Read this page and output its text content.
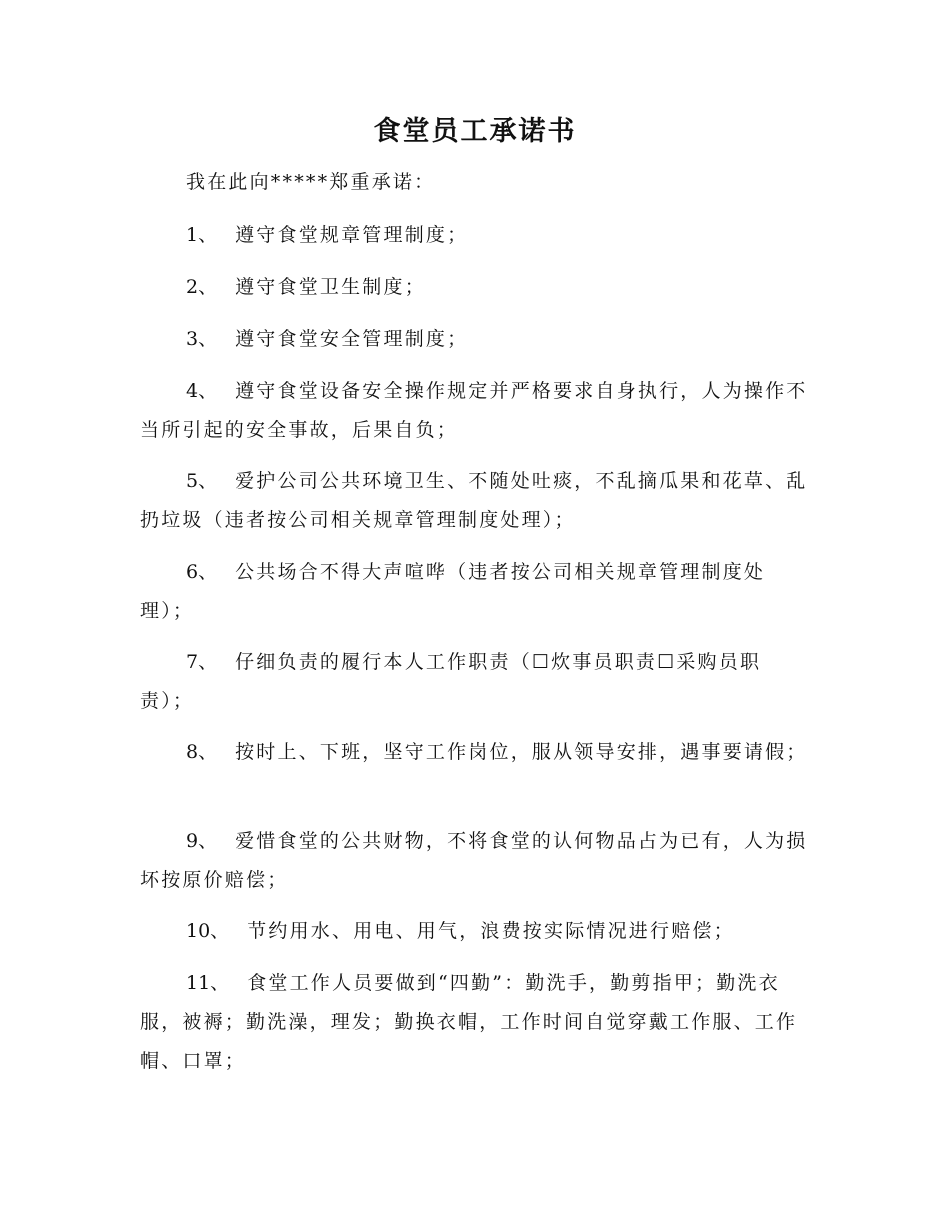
食堂员工承诺书

我在此向*****郑重承诺：

1、 遵守食堂规章管理制度；

2、 遵守食堂卫生制度；

3、 遵守食堂安全管理制度；

4、 遵守食堂设备安全操作规定并严格要求自身执行，人为操作不当所引起的安全事故，后果自负；

5、 爱护公司公共环境卫生、不随处吐痰，不乱摘瓜果和花草、乱扔垃圾（违者按公司相关规章管理制度处理）；

6、 公共场合不得大声喧哗（违者按公司相关规章管理制度处理）；

7、 仔细负责的履行本人工作职责（☐炊事员职责☐采购员职责）；

8、 按时上、下班，坚守工作岗位，服从领导安排，遇事要请假；

9、 爱惜食堂的公共财物，不将食堂的认何物品占为已有，人为损坏按原价赔偿；

10、 节约用水、用电、用气，浪费按实际情况进行赔偿；

11、 食堂工作人员要做到“四勤”：勤洗手，勤剪指甲；勤洗衣服，被褥；勤洗澡，理发；勤换衣帽，工作时间自觉穿戴工作服、工作帽、口罩；
